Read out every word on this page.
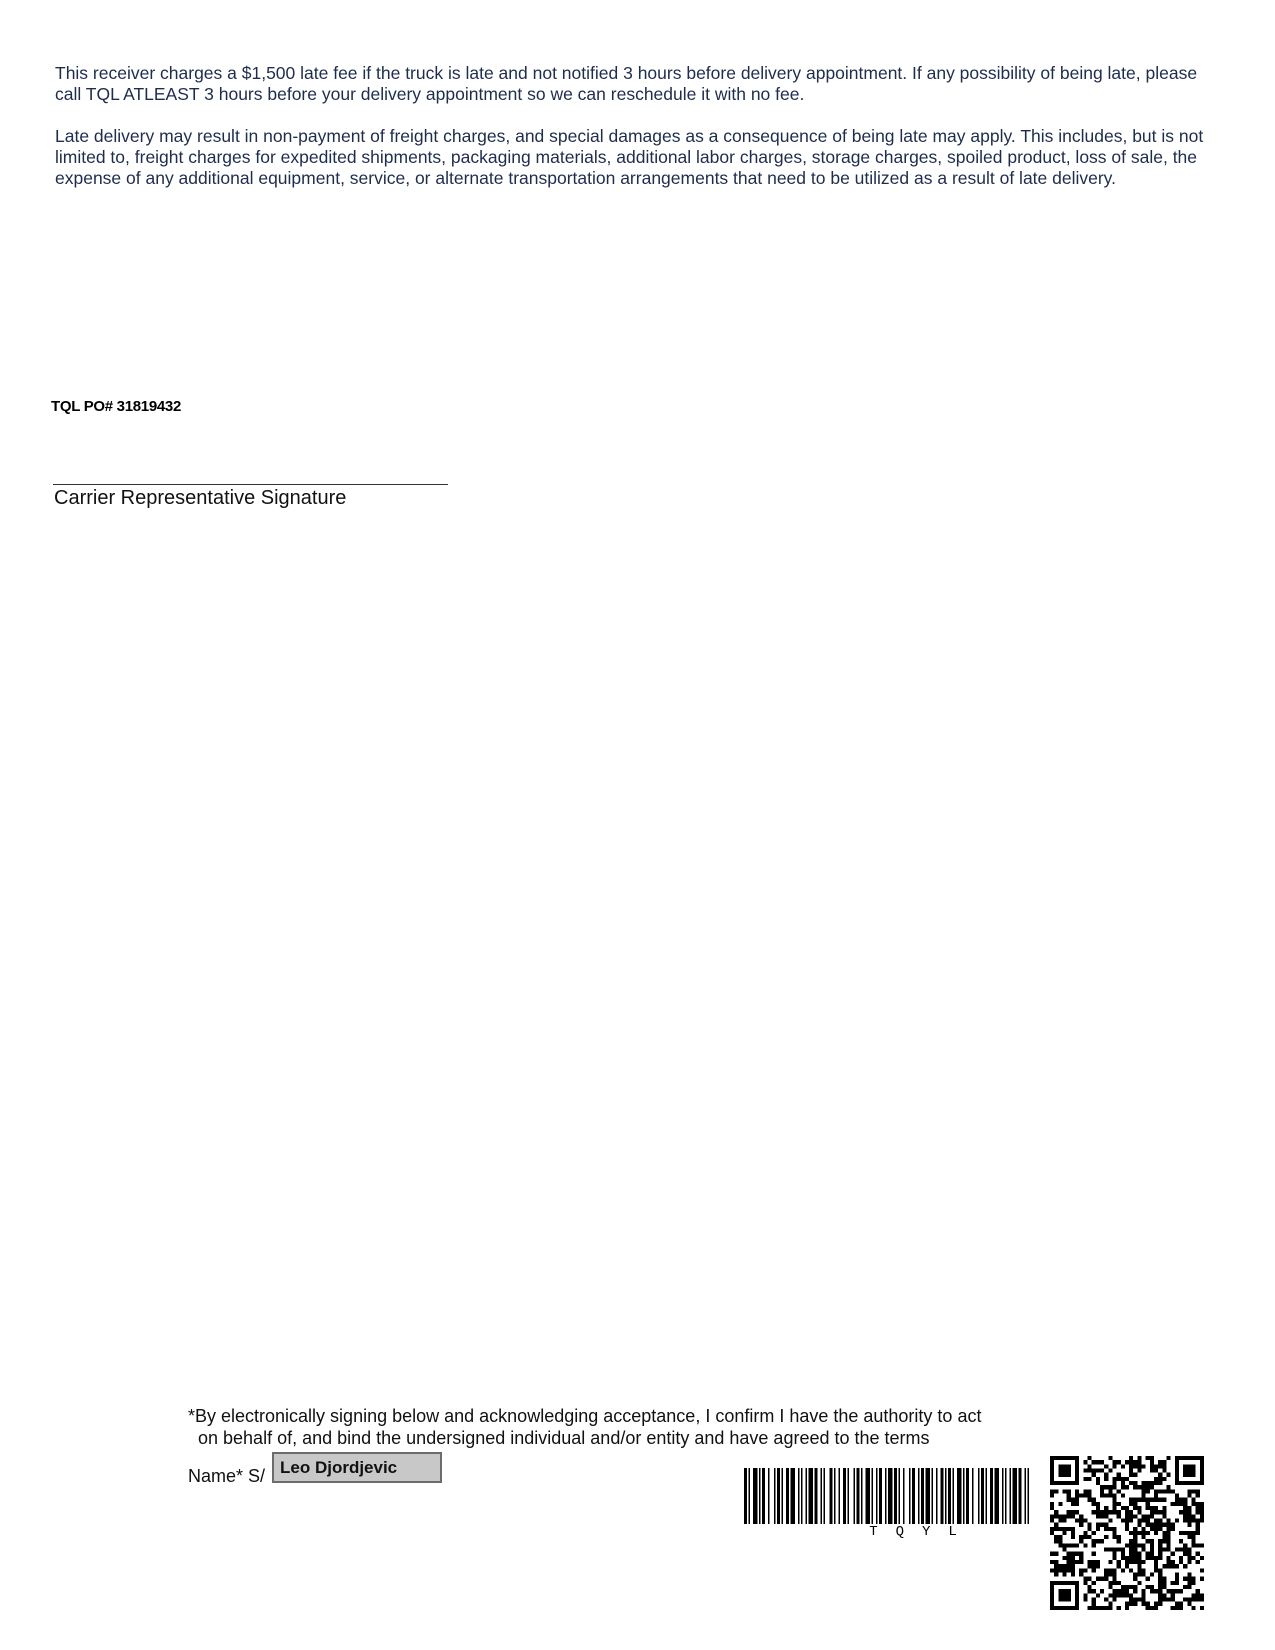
This receiver charges a $1,500 late fee if the truck is late and not notified 3 hours before delivery appointment. If any possibility of being late, please call TQL ATLEAST 3 hours before your delivery appointment so we can reschedule it with no fee.

Late delivery may result in non-payment of freight charges, and special damages as a consequence of being late may apply. This includes, but is not limited to, freight charges for expedited shipments, packaging materials, additional labor charges, storage charges, spoiled product, loss of sale, the expense of any additional equipment, service, or alternate transportation arrangements that need to be utilized as a result of late delivery.

TQL PO# 31819432
Carrier Representative Signature
*By electronically signing below and acknowledging acceptance, I confirm I have the authority to act
on behalf of, and bind the undersigned individual and/or entity and have agreed to the terms
Name* S/ Leo Djordjevic
TQYL
